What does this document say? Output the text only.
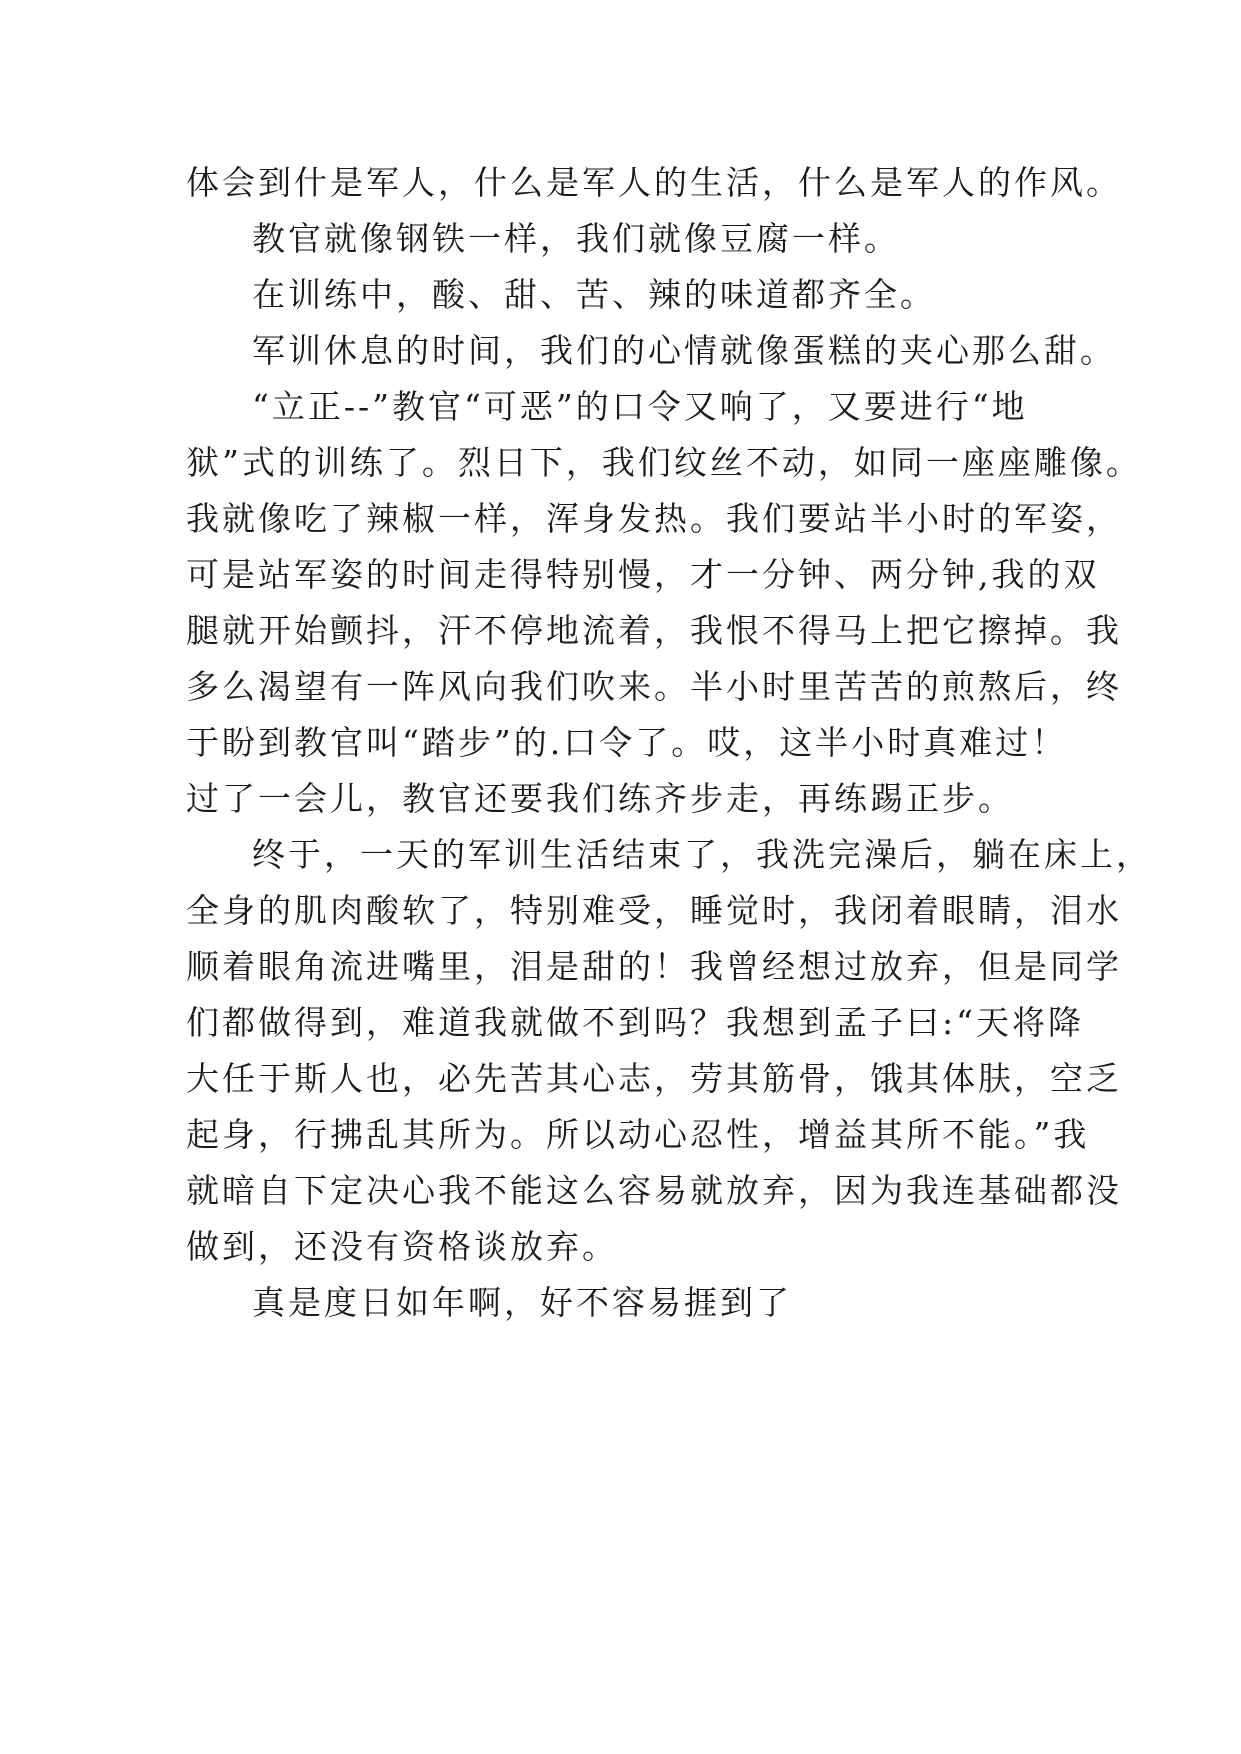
体会到什是军人，什么是军人的生活，什么是军人的作风。
教官就像钢铁一样，我们就像豆腐一样。
在训练中，酸、甜、苦、辣的味道都齐全。
军训休息的时间，我们的心情就像蛋糕的夹心那么甜。
“立正--”教官“可恶”的口令又响了，又要进行“地
狱”式的训练了。烈日下，我们纹丝不动，如同一座座雕像。
我就像吃了辣椒一样，浑身发热。我们要站半小时的军姿，
可是站军姿的时间走得特别慢，才一分钟、两分钟,我的双
腿就开始颤抖，汗不停地流着，我恨不得马上把它擦掉。我
多么渴望有一阵风向我们吹来。半小时里苦苦的煎熬后，终
于盼到教官叫“踏步”的.口令了。哎，这半小时真难过！
过了一会儿，教官还要我们练齐步走，再练踢正步。
终于，一天的军训生活结束了，我洗完澡后，躺在床上，
全身的肌肉酸软了，特别难受，睡觉时，我闭着眼睛，泪水
顺着眼角流进嘴里，泪是甜的！我曾经想过放弃，但是同学
们都做得到，难道我就做不到吗？我想到孟子曰:“天将降
大任于斯人也，必先苦其心志，劳其筋骨，饿其体肤，空乏
起身，行拂乱其所为。所以动心忍性，增益其所不能。”我
就暗自下定决心我不能这么容易就放弃，因为我连基础都没
做到，还没有资格谈放弃。
真是度日如年啊，好不容易捱到了
